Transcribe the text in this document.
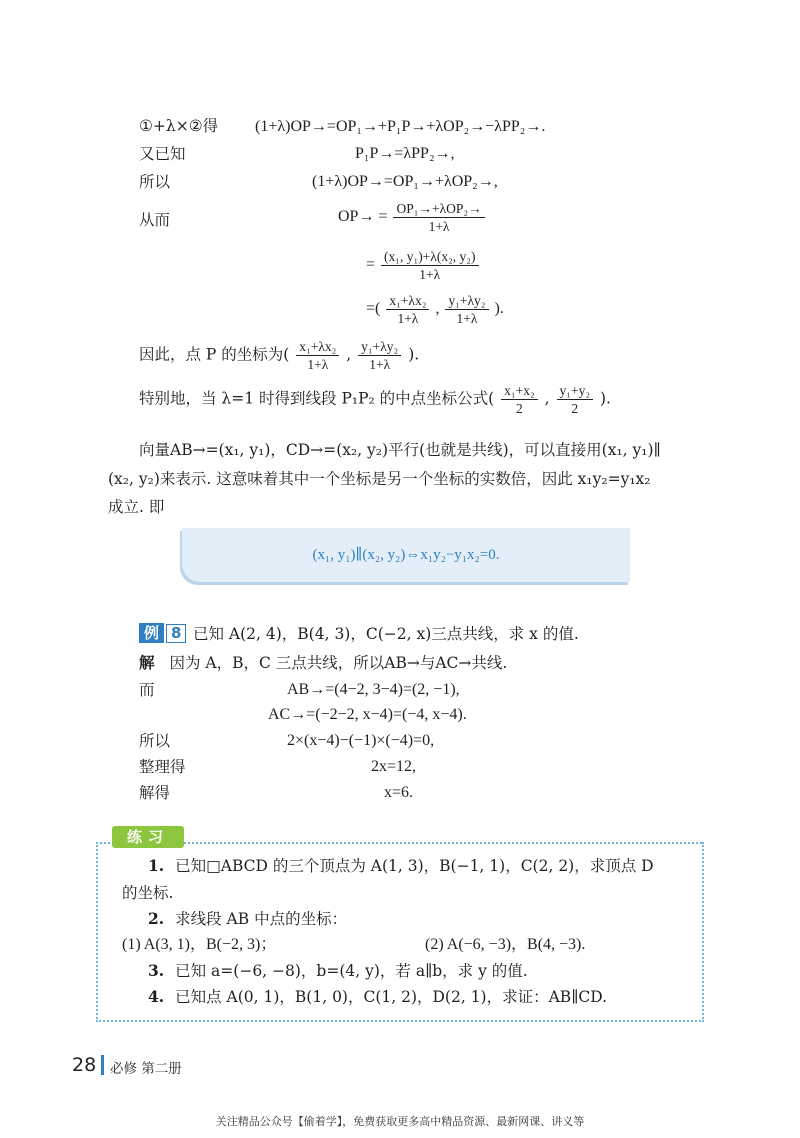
①+λ×②得 (1+λ)OP→=OP₁→+P₁P→+λOP₂→−λPP₂→.
又已知	P₁P→=λPP₂→,
所以	(1+λ)OP→=OP₁→+λOP₂→,
从而	$OP\to = \frac{\text{OP₁→+λOP₂→}}{1+\lambda}$
= $\frac{\text{(x₁, y₁)+λ(x₂, y₂)}}{1+\lambda}$
=( $\frac{\text{x₁+λx₂}}{1+\lambda}$ , $\frac{\text{y₁+λy₂}}{1+\lambda}$ ).
因此，点 P 的坐标为( $\frac{\text{x₁+λx₂}}{1+\lambda}$ , $\frac{\text{y₁+λy₂}}{1+\lambda}$ ).
特别地，当 λ=1 时得到线段 P₁P₂ 的中点坐标公式( $\frac{\text{x₁+x₂}}{2}$ , $\frac{\text{y₁+y₂}}{2}$ ).
向量AB→=(x₁, y₁)，CD→=(x₂, y₂)平行(也就是共线)，可以直接用(x₁, y₁)∥
(x₂, y₂)来表示. 这意味着其中一个坐标是另一个坐标的实数倍，因此 x₁y₂=y₁x₂
成立. 即
(x₁, y₁)∥(x₂, y₂)⇔x₁y₂−y₁x₂=0.
例 8 已知 A(2, 4)，B(4, 3)，C(−2, x)三点共线，求 x 的值.
解 因为 A，B，C 三点共线，所以AB→与AC→共线.
而	AB→=(4−2, 3−4)=(2, −1),
AC→=(−2−2, x−4)=(−4, x−4).
所以	2×(x−4)−(−1)×(−4)=0,
整理得	2x=12,
解得	x=6.
练习
1. 已知□ABCD 的三个顶点为 A(1, 3)，B(−1, 1)，C(2, 2)，求顶点 D
的坐标.
2. 求线段 AB 中点的坐标：
(1) A(3, 1)，B(−2, 3)；	(2) A(−6, −3)，B(4, −3).
3. 已知 a=(−6, −8)，b=(4, y)，若 a∥b，求 y 的值.
4. 已知点 A(0, 1)，B(1, 0)，C(1, 2)，D(2, 1)，求证：AB∥CD.
28 必修 第二册
关注精品公众号【偷着学】，免费获取更多高中精品资源、最新网课、讲义等
